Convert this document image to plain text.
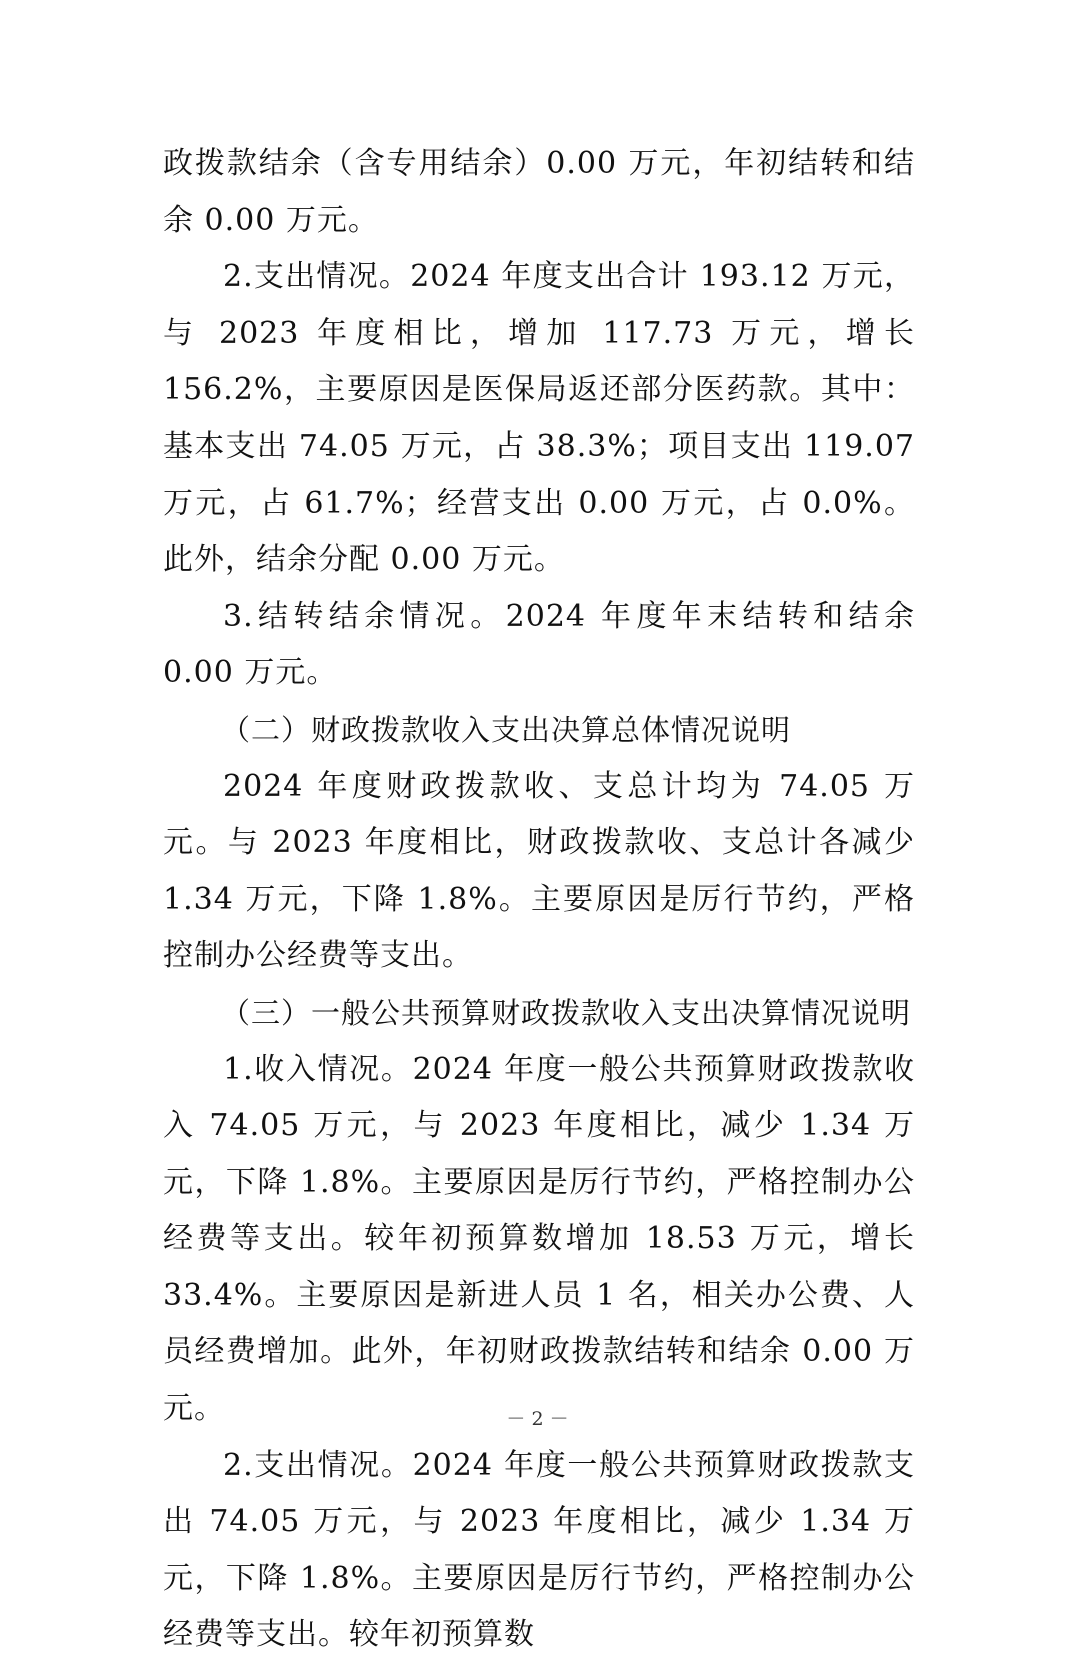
政拨款结余（含专用结余）0.00 万元，年初结转和结余 0.00 万元。

2.支出情况。2024 年度支出合计 193.12 万元，与 2023 年度相比，增加 117.73 万元，增长 156.2%，主要原因是医保局返还部分医药款。其中：基本支出 74.05 万元，占 38.3%；项目支出 119.07 万元，占 61.7%；经营支出 0.00 万元，占 0.0%。此外，结余分配 0.00 万元。

3.结转结余情况。2024 年度年末结转和结余 0.00 万元。

（二）财政拨款收入支出决算总体情况说明

2024 年度财政拨款收、支总计均为 74.05 万元。与 2023 年度相比，财政拨款收、支总计各减少 1.34 万元，下降 1.8%。主要原因是厉行节约，严格控制办公经费等支出。

（三）一般公共预算财政拨款收入支出决算情况说明

1.收入情况。2024 年度一般公共预算财政拨款收入 74.05 万元，与 2023 年度相比，减少 1.34 万元，下降 1.8%。主要原因是厉行节约，严格控制办公经费等支出。较年初预算数增加 18.53 万元，增长 33.4%。主要原因是新进人员 1 名，相关办公费、人员经费增加。此外，年初财政拨款结转和结余 0.00 万元。

2.支出情况。2024 年度一般公共预算财政拨款支出 74.05 万元，与 2023 年度相比，减少 1.34 万元，下降 1.8%。主要原因是厉行节约，严格控制办公经费等支出。较年初预算数

－ 2 －
